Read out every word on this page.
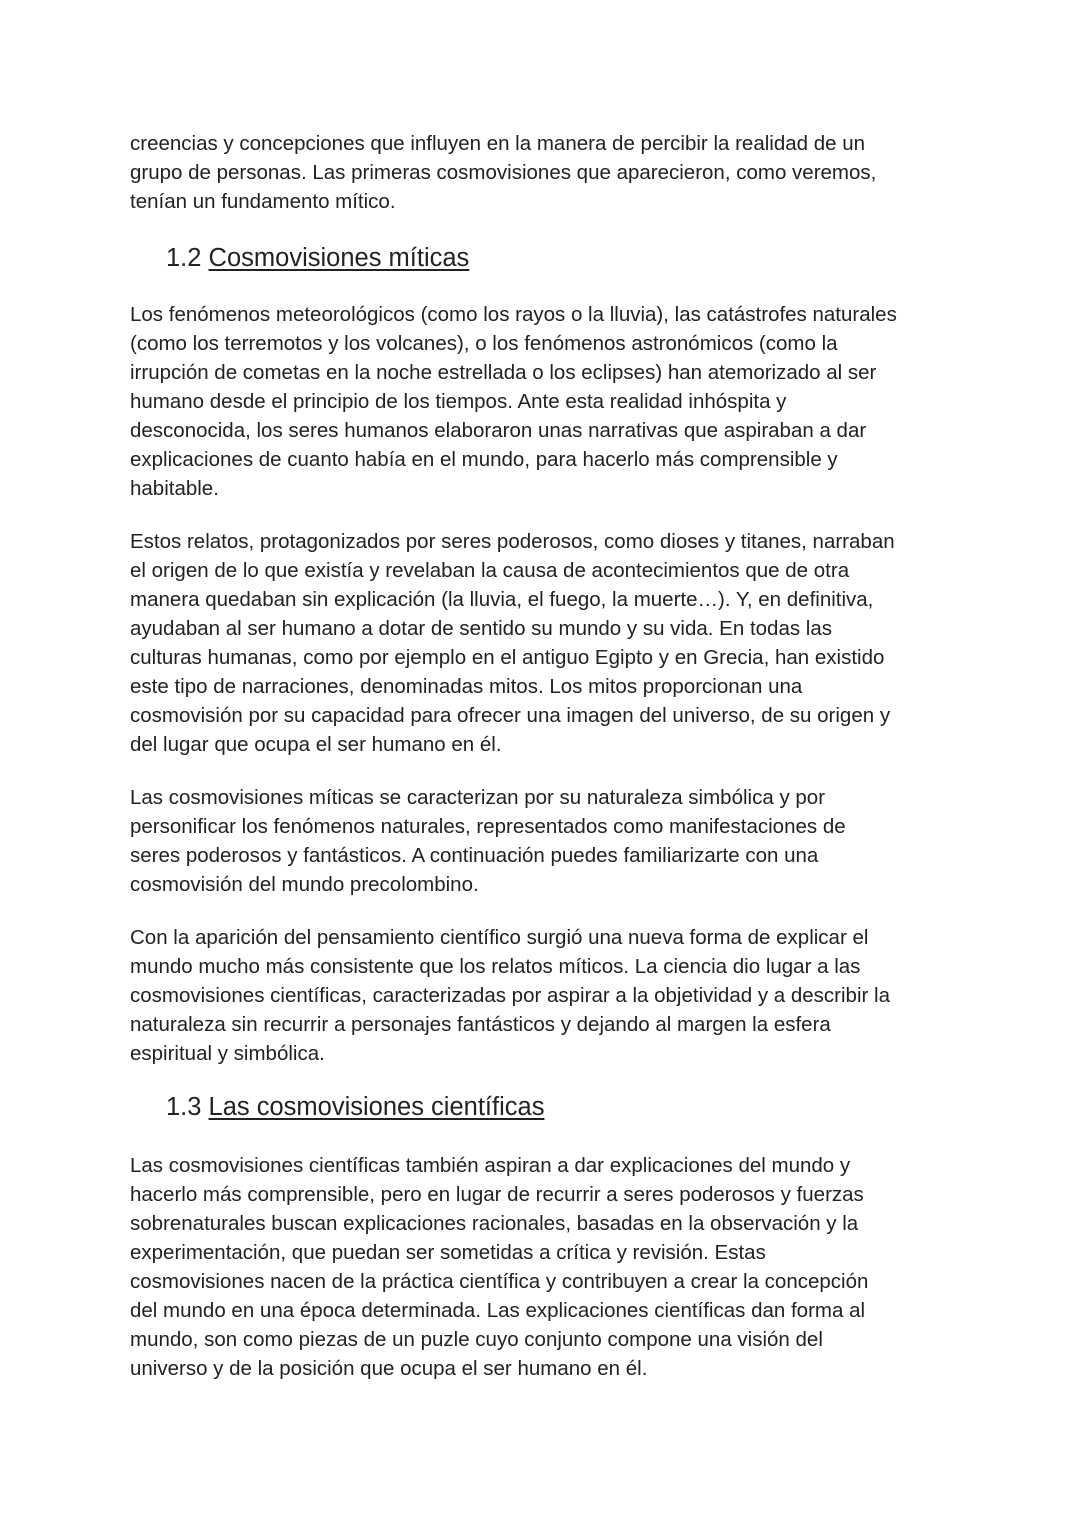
creencias y concepciones que influyen en la manera de percibir la realidad de un

grupo de personas. Las primeras cosmovisiones que aparecieron, como veremos,

tenían un fundamento mítico.

1.2 Cosmovisiones míticas

Los fenómenos meteorológicos (como los rayos o la lluvia), las catástrofes naturales

(como los terremotos y los volcanes), o los fenómenos astronómicos (como la

irrupción de cometas en la noche estrellada o los eclipses) han atemorizado al ser

humano desde el principio de los tiempos. Ante esta realidad inhóspita y

desconocida, los seres humanos elaboraron unas narrativas que aspiraban a dar

explicaciones de cuanto había en el mundo, para hacerlo más comprensible y

habitable.

Estos relatos, protagonizados por seres poderosos, como dioses y titanes, narraban

el origen de lo que existía y revelaban la causa de acontecimientos que de otra

manera quedaban sin explicación (la lluvia, el fuego, la muerte…). Y, en definitiva,

ayudaban al ser humano a dotar de sentido su mundo y su vida. En todas las

culturas humanas, como por ejemplo en el antiguo Egipto y en Grecia, han existido

este tipo de narraciones, denominadas mitos. Los mitos proporcionan una

cosmovisión por su capacidad para ofrecer una imagen del universo, de su origen y

del lugar que ocupa el ser humano en él.

Las cosmovisiones míticas se caracterizan por su naturaleza simbólica y por

personificar los fenómenos naturales, representados como manifestaciones de

seres poderosos y fantásticos. A continuación puedes familiarizarte con una

cosmovisión del mundo precolombino.

Con la aparición del pensamiento científico surgió una nueva forma de explicar el

mundo mucho más consistente que los relatos míticos. La ciencia dio lugar a las

cosmovisiones científicas, caracterizadas por aspirar a la objetividad y a describir la

naturaleza sin recurrir a personajes fantásticos y dejando al margen la esfera

espiritual y simbólica.

1.3 Las cosmovisiones científicas

Las cosmovisiones científicas también aspiran a dar explicaciones del mundo y

hacerlo más comprensible, pero en lugar de recurrir a seres poderosos y fuerzas

sobrenaturales buscan explicaciones racionales, basadas en la observación y la

experimentación, que puedan ser sometidas a crítica y revisión. Estas

cosmovisiones nacen de la práctica científica y contribuyen a crear la concepción

del mundo en una época determinada. Las explicaciones científicas dan forma al

mundo, son como piezas de un puzle cuyo conjunto compone una visión del

universo y de la posición que ocupa el ser humano en él.
